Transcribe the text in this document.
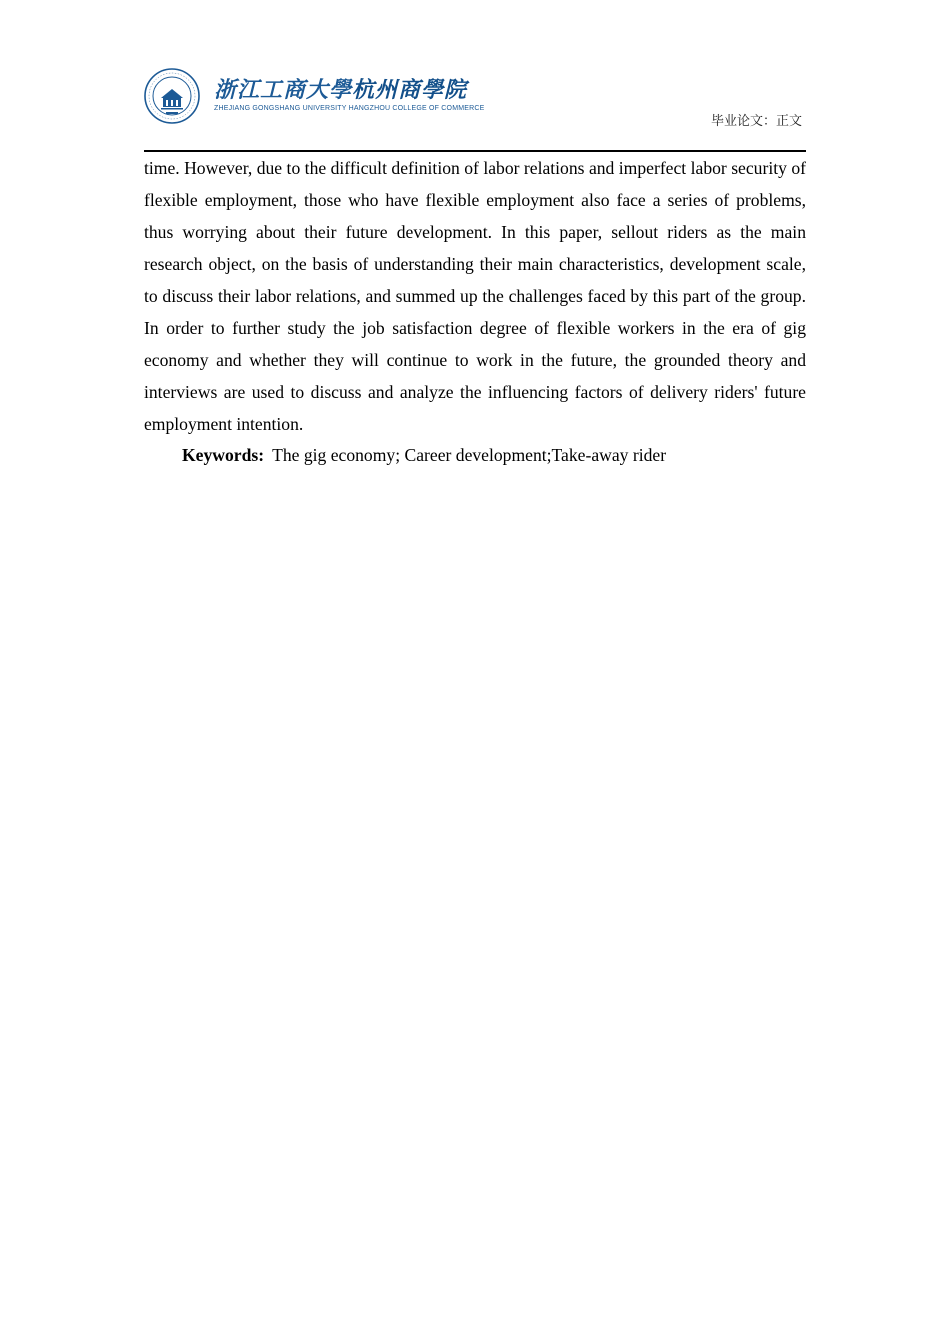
浙江工商大學杭州商學院
ZHEJIANG GONGSHANG UNIVERSITY HANGZHOU COLLEGE OF COMMERCE
毕业论文：正文

time. However, due to the difficult definition of labor relations and imperfect labor security of flexible employment, those who have flexible employment also face a series of problems, thus worrying about their future development. In this paper, sellout riders as the main research object, on the basis of understanding their main characteristics, development scale, to discuss their labor relations, and summed up the challenges faced by this part of the group. In order to further study the job satisfaction degree of flexible workers in the era of gig economy and whether they will continue to work in the future, the grounded theory and interviews are used to discuss and analyze the influencing factors of delivery riders' future employment intention.

Keywords: The gig economy; Career development;Take-away rider
